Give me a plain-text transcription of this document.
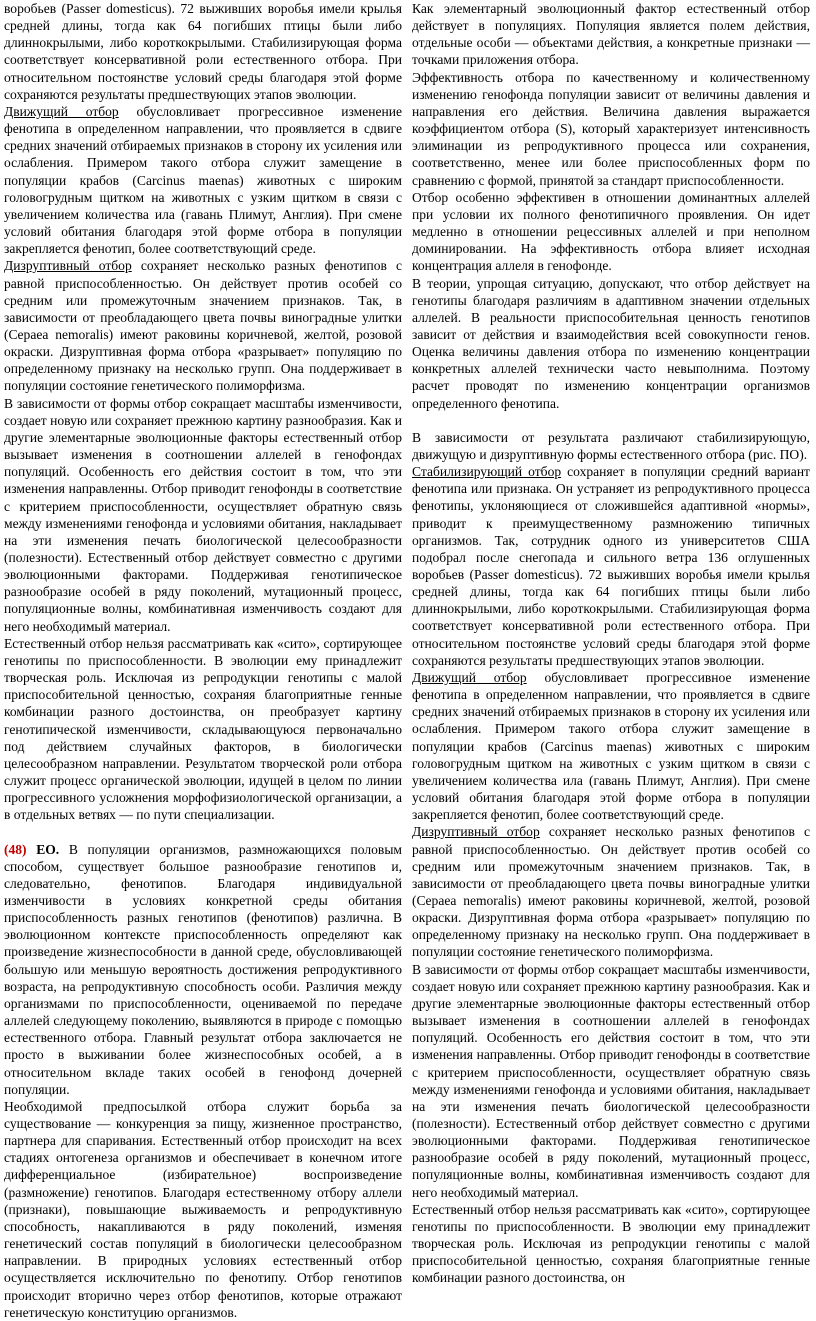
воробьев (Passer domesticus). 72 выживших воробья имели крылья средней длины, тогда как 64 погибших птицы были либо длиннокрылыми, либо короткокрылыми. Стабилизирующая форма соответствует консервативной роли естественного отбора. При относительном постоянстве условий среды благодаря этой форме сохраняются результаты предшествующих этапов эволюции.

Движущий отбор обусловливает прогрессивное изменение фенотипа в определенном направлении, что проявляется в сдвиге средних значений отбираемых признаков в сторону их усиления или ослабления. Примером такого отбора служит замещение в популяции крабов (Carcinus maenas) животных с широким головогрудным щитком на животных с узким щитком в связи с увеличением количества ила (гавань Плимут, Англия). При смене условий обитания благодаря этой форме отбора в популяции закрепляется фенотип, более соответствующий среде.

Дизруптивный отбор сохраняет несколько разных фенотипов с равной приспособленностью. Он действует против особей со средним или промежуточным значением признаков. Так, в зависимости от преобладающего цвета почвы виноградные улитки (Cepaea nemoralis) имеют раковины коричневой, желтой, розовой окраски. Дизруптивная форма отбора «разрывает» популяцию по определенному признаку на несколько групп. Она поддерживает в популяции состояние генетического полиморфизма.

В зависимости от формы отбор сокращает масштабы изменчивости, создает новую или сохраняет прежнюю картину разнообразия. Как и другие элементарные эволюционные факторы естественный отбор вызывает изменения в соотношении аллелей в генофондах популяций. Особенность его действия состоит в том, что эти изменения направленны. Отбор приводит генофонды в соответствие с критерием приспособленности, осуществляет обратную связь между изменениями генофонда и условиями обитания, накладывает на эти изменения печать биологической целесообразности (полезности). Естественный отбор действует совместно с другими эволюционными факторами. Поддерживая генотипическое разнообразие особей в ряду поколений, мутационный процесс, популяционные волны, комбинативная изменчивость создают для него необходимый материал.

Естественный отбор нельзя рассматривать как «сито», сортирующее генотипы по приспособленности. В эволюции ему принадлежит творческая роль. Исключая из репродукции генотипы с малой приспособительной ценностью, сохраняя благоприятные генные комбинации разного достоинства, он преобразует картину генотипической изменчивости, складывающуюся первоначально под действием случайных факторов, в биологически целесообразном направлении. Результатом творческой роли отбора служит процесс органической эволюции, идущей в целом по линии прогрессивного усложнения морфофизиологической организации, а в отдельных ветвях — по пути специализации.

(48) ЕО. В популяции организмов, размножающихся половым способом, существует большое разнообразие генотипов и, следовательно, фенотипов. Благодаря индивидуальной изменчивости в условиях конкретной среды обитания приспособленность разных генотипов (фенотипов) различна. В эволюционном контексте приспособленность определяют как произведение жизнеспособности в данной среде, обусловливающей большую или меньшую вероятность достижения репродуктивного возраста, на репродуктивную способность особи. Различия между организмами по приспособленности, оцениваемой по передаче аллелей следующему поколению, выявляются в природе с помощью естественного отбора. Главный результат отбора заключается не просто в выживании более жизнеспособных особей, а в относительном вкладе таких особей в генофонд дочерней популяции.

Необходимой предпосылкой отбора служит борьба за существование — конкуренция за пищу, жизненное пространство, партнера для спаривания. Естественный отбор происходит на всех стадиях онтогенеза организмов и обеспечивает в конечном итоге дифференциальное (избирательное) воспроизведение (размножение) генотипов. Благодаря естественному отбору аллели (признаки), повышающие выживаемость и репродуктивную способность, накапливаются в ряду поколений, изменяя генетический состав популяций в биологически целесообразном направлении. В природных условиях естественный отбор осуществляется исключительно по фенотипу. Отбор генотипов происходит вторично через отбор фенотипов, которые отражают генетическую конституцию организмов.

Как элементарный эволюционный фактор естественный отбор действует в популяциях. Популяция является полем действия, отдельные особи — объектами действия, а конкретные признаки — точками приложения отбора.

Эффективность отбора по качественному и количественному изменению генофонда популяции зависит от величины давления и направления его действия. Величина давления выражается коэффициентом отбора (S), который характеризует интенсивность элиминации из репродуктивного процесса или сохранения, соответственно, менее или более приспособленных форм по сравнению с формой, принятой за стандарт приспособленности.

Отбор особенно эффективен в отношении доминантных аллелей при условии их полного фенотипичного проявления. Он идет медленно в отношении рецессивных аллелей и при неполном доминировании. На эффективность отбора влияет исходная концентрация аллеля в генофонде.

В теории, упрощая ситуацию, допускают, что отбор действует на генотипы благодаря различиям в адаптивном значении отдельных аллелей. В реальности приспособительная ценность генотипов зависит от действия и взаимодействия всей совокупности генов. Оценка величины давления отбора по изменению концентрации конкретных аллелей технически часто невыполнима. Поэтому расчет проводят по изменению концентрации организмов определенного фенотипа.

В зависимости от результата различают стабилизирующую, движущую и дизруптивную формы естественного отбора (рис. ПО).

Стабилизирующий отбор сохраняет в популяции средний вариант фенотипа или признака. Он устраняет из репродуктивного процесса фенотипы, уклоняющиеся от сложившейся адаптивной «нормы», приводит к преимущественному размножению типичных организмов. Так, сотрудник одного из университетов США подобрал после снегопада и сильного ветра 136 оглушенных воробьев (Passer domesticus). 72 выживших воробья имели крылья средней длины, тогда как 64 погибших птицы были либо длиннокрылыми, либо короткокрылыми. Стабилизирующая форма соответствует консервативной роли естественного отбора. При относительном постоянстве условий среды благодаря этой форме сохраняются результаты предшествующих этапов эволюции.

Движущий отбор обусловливает прогрессивное изменение фенотипа в определенном направлении, что проявляется в сдвиге средних значений отбираемых признаков в сторону их усиления или ослабления. Примером такого отбора служит замещение в популяции крабов (Carcinus maenas) животных с широким головогрудным щитком на животных с узким щитком в связи с увеличением количества ила (гавань Плимут, Англия). При смене условий обитания благодаря этой форме отбора в популяции закрепляется фенотип, более соответствующий среде.

Дизруптивный отбор сохраняет несколько разных фенотипов с равной приспособленностью. Он действует против особей со средним или промежуточным значением признаков. Так, в зависимости от преобладающего цвета почвы виноградные улитки (Cepaea nemoralis) имеют раковины коричневой, желтой, розовой окраски. Дизруптивная форма отбора «разрывает» популяцию по определенному признаку на несколько групп. Она поддерживает в популяции состояние генетического полиморфизма.

В зависимости от формы отбор сокращает масштабы изменчивости, создает новую или сохраняет прежнюю картину разнообразия. Как и другие элементарные эволюционные факторы естественный отбор вызывает изменения в соотношении аллелей в генофондах популяций. Особенность его действия состоит в том, что эти изменения направленны. Отбор приводит генофонды в соответствие с критерием приспособленности, осуществляет обратную связь между изменениями генофонда и условиями обитания, накладывает на эти изменения печать биологической целесообразности (полезности). Естественный отбор действует совместно с другими эволюционными факторами. Поддерживая генотипическое разнообразие особей в ряду поколений, мутационный процесс, популяционные волны, комбинативная изменчивость создают для него необходимый материал.

Естественный отбор нельзя рассматривать как «сито», сортирующее генотипы по приспособленности. В эволюции ему принадлежит творческая роль. Исключая из репродукции генотипы с малой приспособительной ценностью, сохраняя благоприятные генные комбинации разного достоинства, он
